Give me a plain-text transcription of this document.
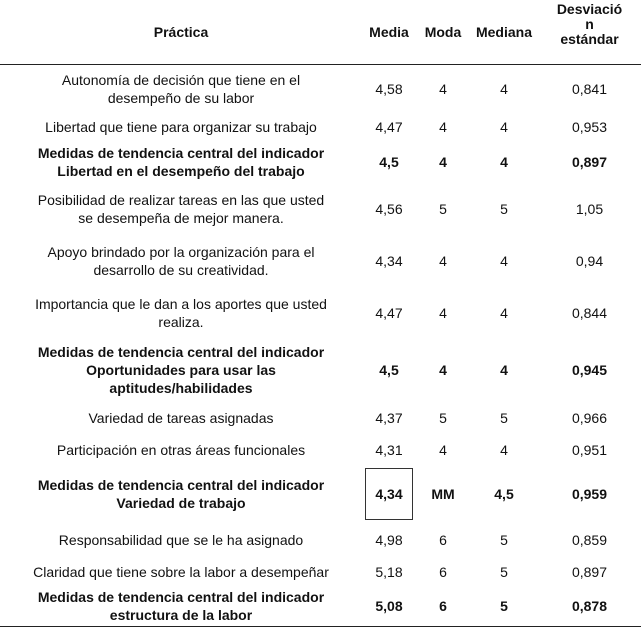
Práctica	Media	Moda	Mediana	Desviació
n
estándar

Autonomía de decisión que tiene en el
desempeño de su labor	4,58	4	4	0,841

Libertad que tiene para organizar su trabajo	4,47	4	4	0,953

Medidas de tendencia central del indicador
Libertad en el desempeño del trabajo	4,5	4	4	0,897

Posibilidad de realizar tareas en las que usted
se desempeña de mejor manera.	4,56	5	5	1,05

Apoyo brindado por la organización para el
desarrollo de su creatividad.	4,34	4	4	0,94

Importancia que le dan a los aportes que usted
realiza.	4,47	4	4	0,844

Medidas de tendencia central del indicador
Oportunidades para usar las
aptitudes/habilidades	4,5	4	4	0,945

Variedad de tareas asignadas	4,37	5	5	0,966

Participación en otras áreas funcionales	4,31	4	4	0,951

Medidas de tendencia central del indicador
Variedad de trabajo	4,34	MM	4,5	0,959

Responsabilidad que se le ha asignado	4,98	6	5	0,859

Claridad que tiene sobre la labor a desempeñar	5,18	6	5	0,897

Medidas de tendencia central del indicador
estructura de la labor	5,08	6	5	0,878
